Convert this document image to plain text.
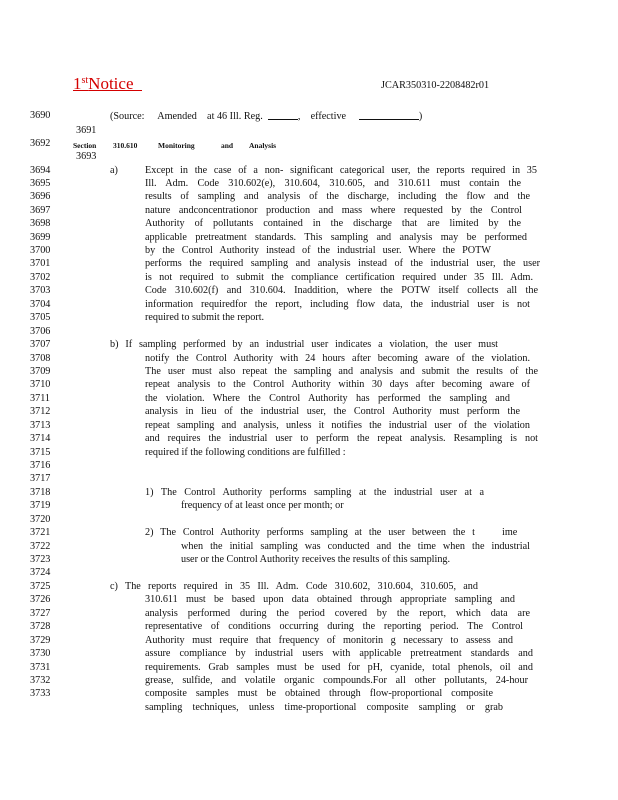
1stNotice	JCAR350310-2208482r01
3690
3691
3692
3693
3694
3695
3696
3697
3698
3699
3700
3701
3702
3703
3704
3705
3706
3707
3708
3709
3710
3711
3712
3713
3714
3715
3716
3717
3718
3719
3720
3721
3722
3723
3724
3725
3726
3727
3728
3729
3730
3731
3732
3733
(Source: Amended at 46 Ill. Reg.	, effective	)
Section 310.610	Monitoring	and Analysis
a)	Except in the case of a non- significant categorical user, the reports required in 35
Ill. Adm. Code 310.602(e), 310.604, 310.605, and 310.611 must contain the
results of sampling and analysis of the discharge, including the flow and the
nature andconcentrationor production and mass where requested by the Control
Authority of pollutants contained in the discharge that are limited by the
applicable pretreatment standards. This sampling and analysis may be performed
by the Control Authority instead of the industrial user. Where the POTW
performs the required sampling and analysis instead of the industrial user, the user
is not required to submit the compliance certification required under 35 Ill. Adm.
Code 310.602(f) and 310.604. Inaddition, where the POTW itself collects all the
information requiredfor the report, including flow data, the industrial user is not
required to submit the report.
b) If sampling performed by an industrial user indicates a violation, the user must
notify the Control Authority with 24 hours after becoming aware of the violation.
The user must also repeat the sampling and analysis and submit the results of the
repeat analysis to the Control Authority within 30 days after becoming aware of
the violation. Where the Control Authority has performed the sampling and
analysis in lieu of the industrial user, the Control Authority must perform the
repeat sampling and analysis, unless it notifies the industrial user of the violation
and requires the industrial user to perform the repeat analysis. Resampling is not
required if the following conditions are fulfilled :
1) The Control Authority performs sampling at the industrial user at a
frequency of at least once per month; or
2) The Control Authority performs sampling at the user between the t	ime
when the initial sampling was conducted and the time when the industrial
user or the Control Authority receives the results of this sampling.
c) The reports required in 35 Ill. Adm. Code 310.602, 310.604, 310.605, and
310.611 must be based upon data obtained through appropriate sampling and
analysis performed during the period covered by the report, which data are
representative of conditions occurring during the reporting period. The Control
Authority must require that frequency of monitorin g necessary to assess and
assure compliance by industrial users with applicable pretreatment standards and
requirements. Grab samples must be used for pH, cyanide, total phenols, oil and
grease, sulfide, and volatile organic compounds.For all other pollutants, 24-hour
composite samples must be obtained through flow-proportional composite
sampling techniques, unless time-proportional composite sampling or grab
